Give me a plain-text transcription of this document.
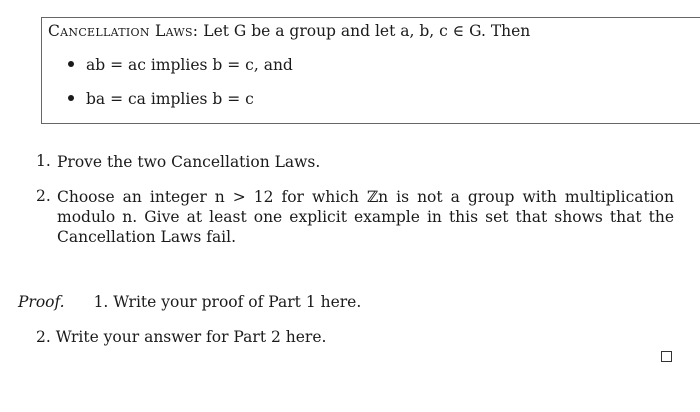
Cancellation Laws: Let G be a group and let a, b, c ∈ G. Then
ab = ac implies b = c, and
ba = ca implies b = c
1. Prove the two Cancellation Laws.
2. Choose an integer n > 12 for which ℤn is not a group with multiplication modulo n. Give at least one explicit example in this set that shows that the Cancellation Laws fail.
Proof. 1. Write your proof of Part 1 here.
2. Write your answer for Part 2 here.
